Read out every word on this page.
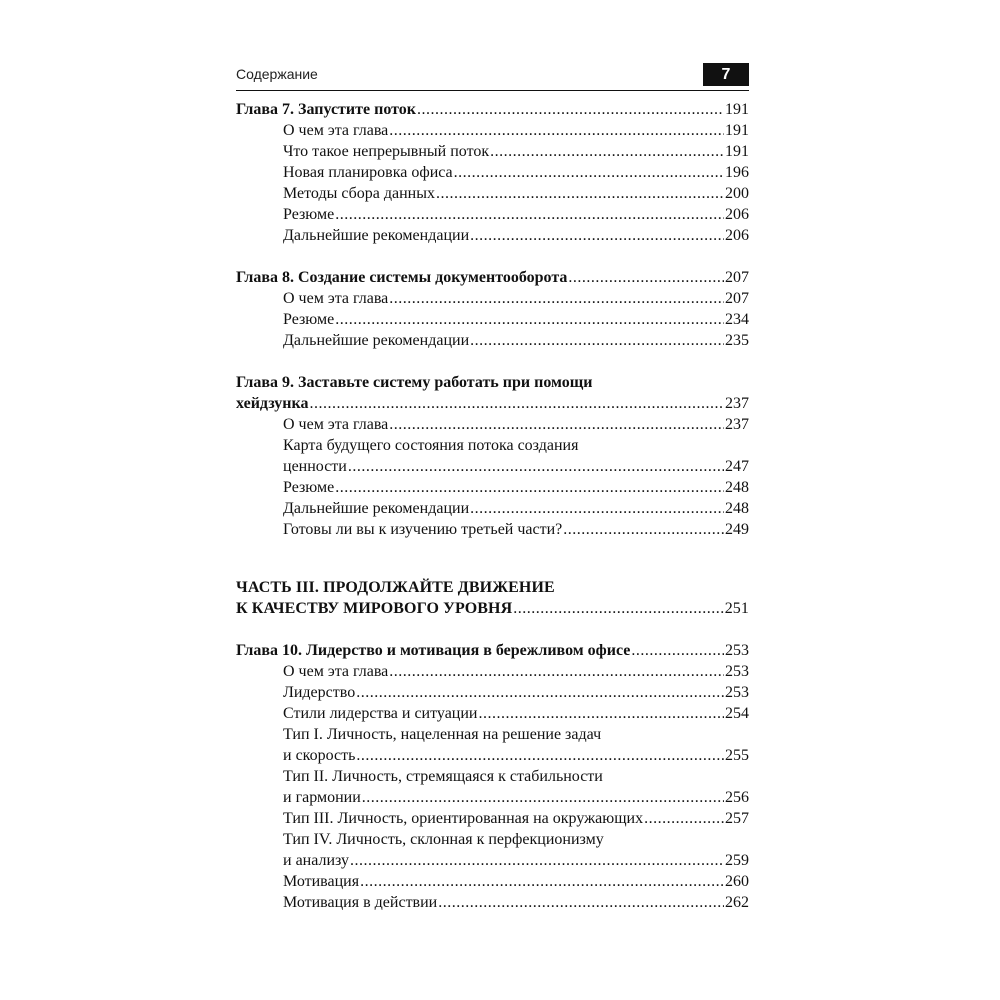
Содержание	7
Глава 7. Запустите поток .....	191
О чем эта глава .....	191
Что такое непрерывный поток .....	191
Новая планировка офиса .....	196
Методы сбора данных .....	200
Резюме .....	206
Дальнейшие рекомендации .....	206
Глава 8. Создание системы документооборота .....	207
О чем эта глава .....	207
Резюме .....	234
Дальнейшие рекомендации .....	235
Глава 9. Заставьте систему работать при помощи
хейдзунка .....	237
О чем эта глава .....	237
Карта будущего состояния потока создания
ценности .....	247
Резюме .....	248
Дальнейшие рекомендации .....	248
Готовы ли вы к изучению третьей части? .....	249
ЧАСТЬ III. ПРОДОЛЖАЙТЕ ДВИЖЕНИЕ
К КАЧЕСТВУ МИРОВОГО УРОВНЯ .....	251
Глава 10. Лидерство и мотивация в бережливом офисе .....	253
О чем эта глава .....	253
Лидерство .....	253
Стили лидерства и ситуации .....	254
Тип I. Личность, нацеленная на решение задач
и скорость .....	255
Тип II. Личность, стремящаяся к стабильности
и гармонии .....	256
Тип III. Личность, ориентированная на окружающих .....	257
Тип IV. Личность, склонная к перфекционизму
и анализу .....	259
Мотивация .....	260
Мотивация в действии .....	262
